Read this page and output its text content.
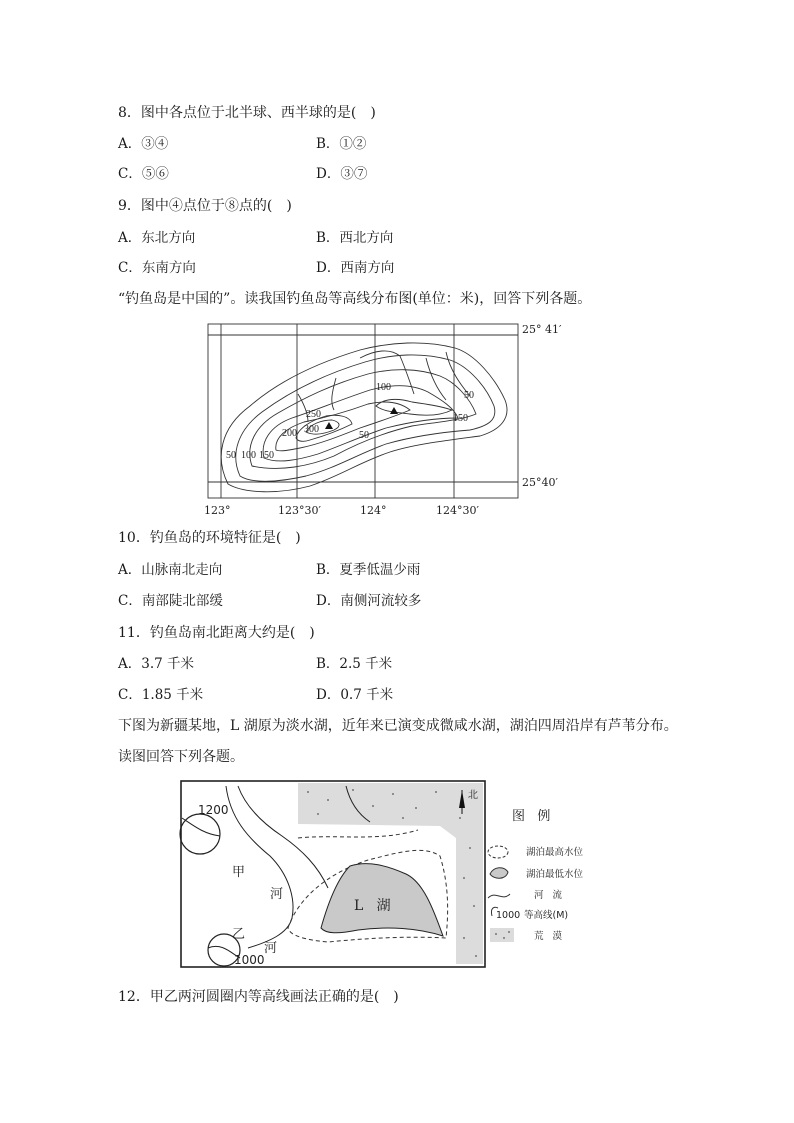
8．图中各点位于北半球、西半球的是(　)
A．③④	B．①②
C．⑤⑥	D．③⑦
9．图中④点位于⑧点的(　)
A．东北方向	B．西北方向
C．东南方向	D．西南方向
“钓鱼岛是中国的”。读我国钓鱼岛等高线分布图(单位：米)，回答下列各题。
25° 41′
25°40′
123°	123°30′	124°	124°30′
50 100 150
200
250
300
100
50
150
50
10．钓鱼岛的环境特征是(　)
A．山脉南北走向	B．夏季低温少雨
C．南部陡北部缓	D．南侧河流较多
11．钓鱼岛南北距离大约是(　)
A．3.7 千米	B．2.5 千米
C．1.85 千米	D．0.7 千米
下图为新疆某地，L 湖原为淡水湖，近年来已演变成微咸水湖，湖泊四周沿岸有芦苇分布。
读图回答下列各题。
1200
1000
甲
河
乙
河
L   湖
北
图   例
湖泊最高水位
湖泊最低水位
河   流
1000 等高线(M)
荒   漠
12．甲乙两河圆圈内等高线画法正确的是(　)
